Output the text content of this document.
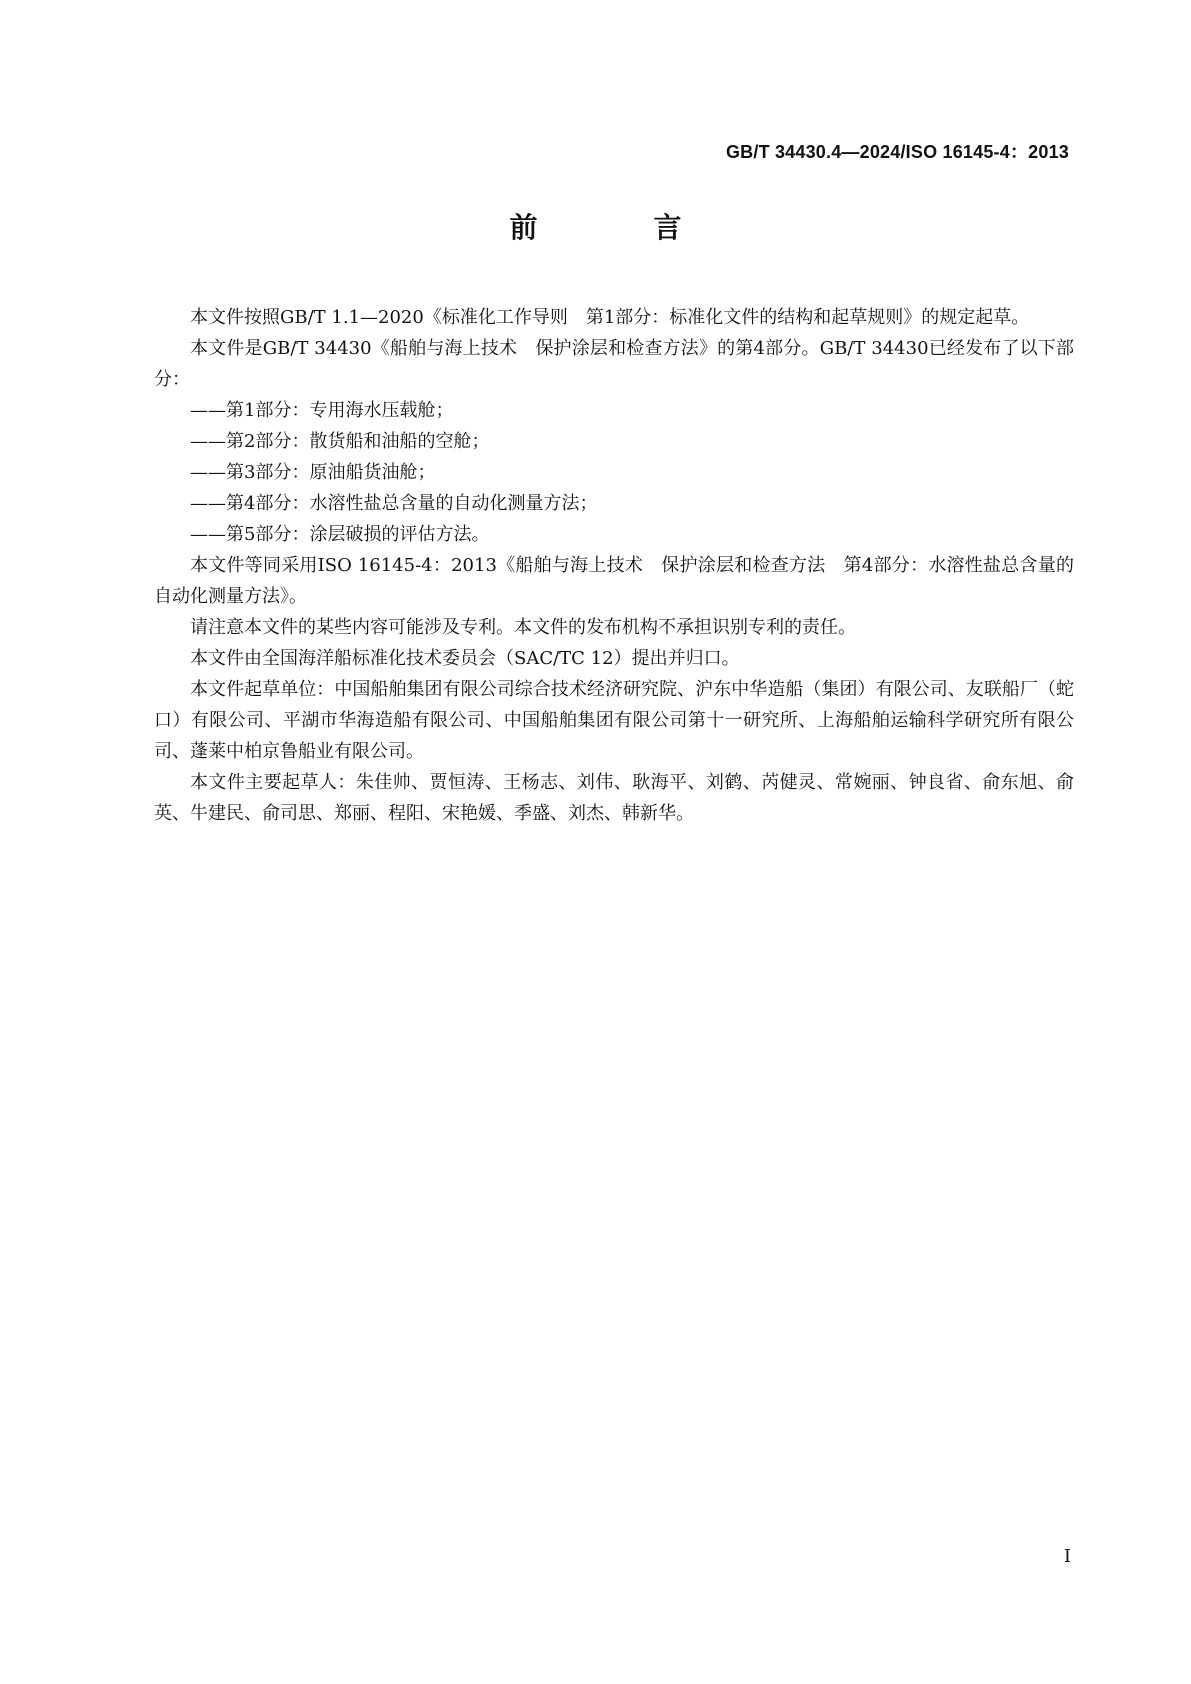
GB/T 34430.4—2024/ISO 16145-4：2013
前　言

本文件按照GB/T 1.1—2020《标准化工作导则　第1部分：标准化文件的结构和起草规则》的规定起草。

本文件是GB/T 34430《船舶与海上技术　保护涂层和检查方法》的第4部分。GB/T 34430已经发布了以下部分：

——第1部分：专用海水压载舱；
——第2部分：散货船和油船的空舱；
——第3部分：原油船货油舱；
——第4部分：水溶性盐总含量的自动化测量方法；
——第5部分：涂层破损的评估方法。

本文件等同采用ISO 16145-4：2013《船舶与海上技术　保护涂层和检查方法　第4部分：水溶性盐总含量的自动化测量方法》。

请注意本文件的某些内容可能涉及专利。本文件的发布机构不承担识别专利的责任。

本文件由全国海洋船标准化技术委员会（SAC/TC 12）提出并归口。

本文件起草单位：中国船舶集团有限公司综合技术经济研究院、沪东中华造船（集团）有限公司、友联船厂（蛇口）有限公司、平湖市华海造船有限公司、中国船舶集团有限公司第十一研究所、上海船舶运输科学研究所有限公司、蓬莱中柏京鲁船业有限公司。

本文件主要起草人：朱佳帅、贾恒涛、王杨志、刘伟、耿海平、刘鹤、芮健灵、常婉丽、钟良省、俞东旭、俞英、牛建民、俞司思、郑丽、程阳、宋艳媛、季盛、刘杰、韩新华。

I
